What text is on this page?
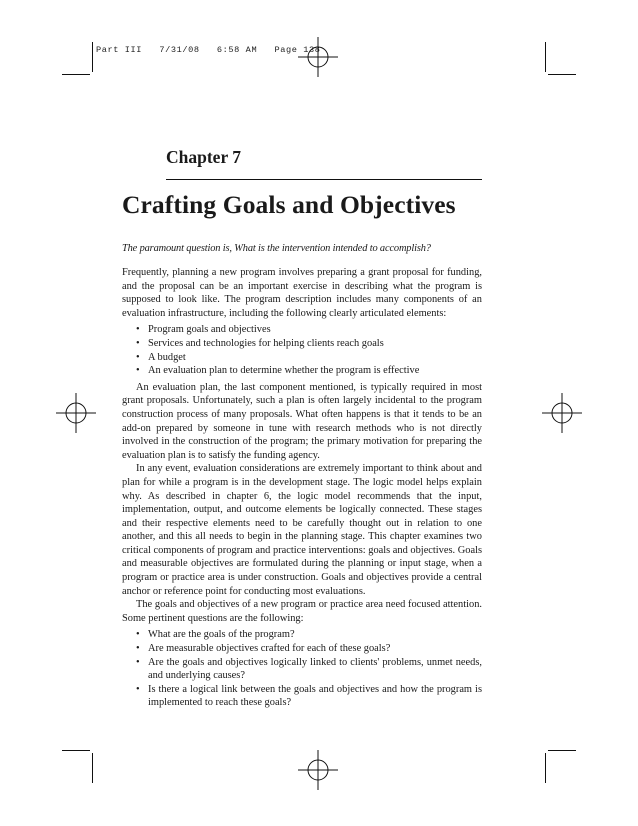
Part III   7/31/08   6:58 AM   Page 138
Chapter 7
Crafting Goals and Objectives
The paramount question is, What is the intervention intended to accomplish?

Frequently, planning a new program involves preparing a grant proposal for funding, and the proposal can be an important exercise in describing what the program is supposed to look like. The program description includes many components of an evaluation infrastructure, including the following clearly articulated elements:

• Program goals and objectives
• Services and technologies for helping clients reach goals
• A budget
• An evaluation plan to determine whether the program is effective

An evaluation plan, the last component mentioned, is typically required in most grant proposals. Unfortunately, such a plan is often largely incidental to the program construction process of many proposals. What often happens is that it tends to be an add-on prepared by someone in tune with research methods who is not directly involved in the construction of the program; the primary motivation for preparing the evaluation plan is to satisfy the funding agency.

In any event, evaluation considerations are extremely important to think about and plan for while a program is in the development stage. The logic model helps explain why. As described in chapter 6, the logic model recommends that the input, implementation, output, and outcome elements be logically connected. These stages and their respective elements need to be carefully thought out in relation to one another, and this all needs to begin in the planning stage. This chapter examines two critical components of program and practice interventions: goals and objectives. Goals and measurable objectives are formulated during the planning or input stage, when a program or practice area is under construction. Goals and objectives provide a central anchor or reference point for conducting most evaluations.

The goals and objectives of a new program or practice area need focused attention. Some pertinent questions are the following:

• What are the goals of the program?
• Are measurable objectives crafted for each of these goals?
• Are the goals and objectives logically linked to clients' problems, unmet needs, and underlying causes?
• Is there a logical link between the goals and objectives and how the program is implemented to reach these goals?
